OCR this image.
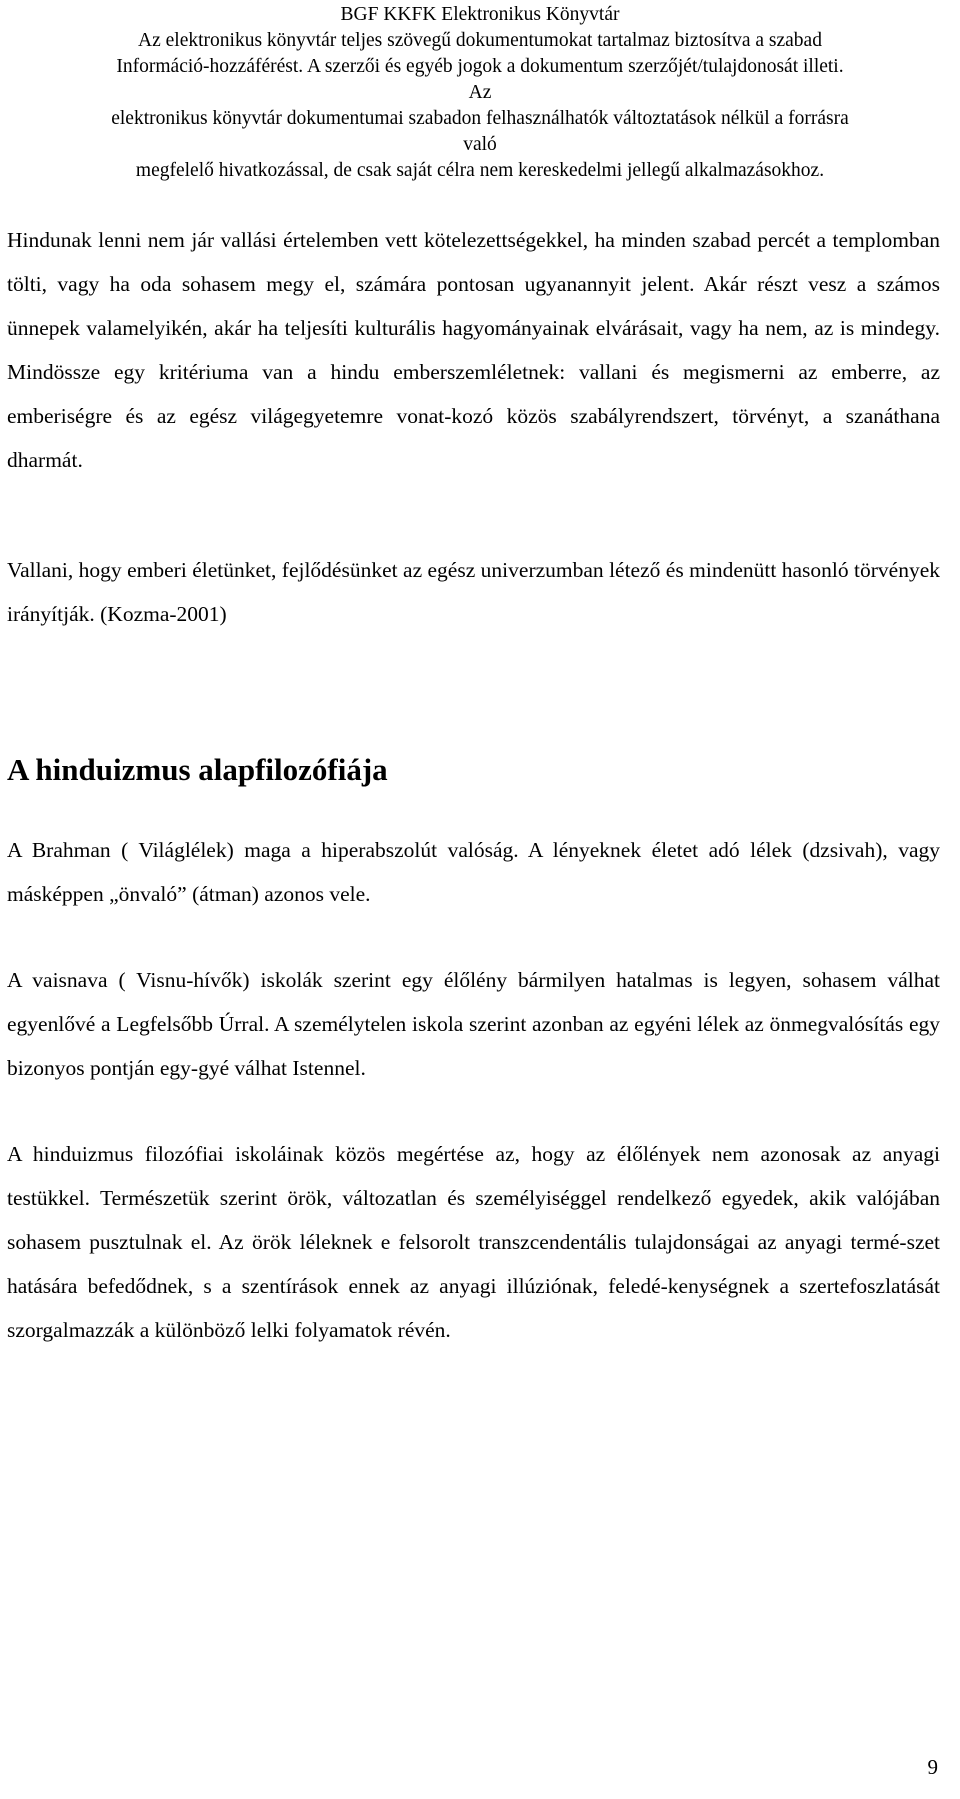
BGF KKFK Elektronikus Könyvtár
Az elektronikus könyvtár teljes szövegű dokumentumokat tartalmaz biztosítva a szabad
Információ-hozzáférést. A szerzői és egyéb jogok a dokumentum szerzőjét/tulajdonosát illeti.
Az
elektronikus könyvtár dokumentumai szabadon felhasználhatók változtatások nélkül a forrásra
való
megfelelő hivatkozással, de csak saját célra nem kereskedelmi jellegű alkalmazásokhoz.

Hindunak lenni nem jár vallási értelemben vett kötelezettségekkel, ha minden szabad percét a templomban tölti, vagy ha oda sohasem megy el, számára pontosan ugyanannyit jelent. Akár részt vesz a számos ünnepek valamelyikén, akár ha teljesíti kulturális hagyományainak elvárásait, vagy ha nem, az is mindegy. Mindössze egy kritériuma van a hindu emberszemléletnek: vallani és megismerni az emberre, az emberiségre és az egész világegyetemre vonat-kozó közös szabályrendszert, törvényt, a szanáthana dharmát.

Vallani, hogy emberi életünket, fejlődésünket az egész univerzumban létező és mindenütt hasonló törvények irányítják. (Kozma-2001)

A hinduizmus alapfilozófiája

A Brahman ( Világlélek) maga a hiperabszolút valóság. A lényeknek életet adó lélek (dzsivah), vagy másképpen „önvaló” (átman) azonos vele.

A vaisnava ( Visnu-hívők) iskolák szerint egy élőlény bármilyen hatalmas is legyen, sohasem válhat egyenlővé a Legfelsőbb Úrral. A személytelen iskola szerint azonban az egyéni lélek az önmegvalósítás egy bizonyos pontján egy-gyé válhat Istennel.

A hinduizmus filozófiai iskoláinak közös megértése az, hogy az élőlények nem azonosak az anyagi testükkel. Természetük szerint örök, változatlan és személyiséggel rendelkező egyedek, akik valójában sohasem pusztulnak el. Az örök léleknek e felsorolt transzcendentális tulajdonságai az anyagi termé-szet hatására befedődnek, s a szentírások ennek az anyagi illúziónak, feledé-kenységnek a szertefoszlatását szorgalmazzák a különböző lelki folyamatok révén.

9
